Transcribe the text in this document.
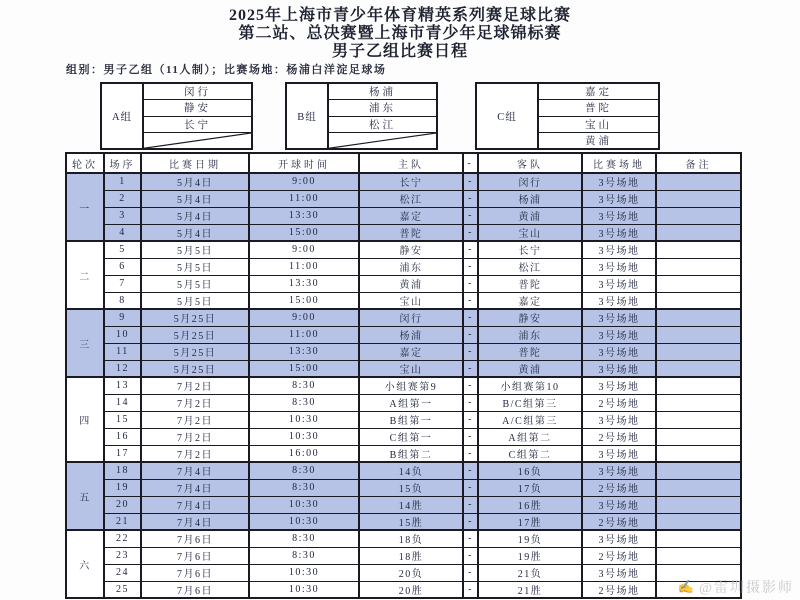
2025年上海市青少年体育精英系列赛足球比赛
第二站、总决赛暨上海市青少年足球锦标赛
男子乙组比赛日程
组别：男子乙组（11人制）；比赛场地：杨浦白洋淀足球场
A组
闵行
静安
长宁
B组
杨浦
浦东
松江
C组
嘉定
普陀
宝山
黄浦
轮次	场序	比赛日期	开球时间	主队	-	客队	比赛场地	备注
一	1	5月4日	9:00	长宁	-	闵行	3号场地	
	2	5月4日	11:00	松江	-	杨浦	3号场地	
	3	5月4日	13:30	嘉定	-	黄浦	3号场地	
	4	5月4日	15:00	普陀	-	宝山	3号场地	
二	5	5月5日	9:00	静安	-	长宁	3号场地	
	6	5月5日	11:00	浦东	-	松江	3号场地	
	7	5月5日	13:30	黄浦	-	普陀	3号场地	
	8	5月5日	15:00	宝山	-	嘉定	3号场地	
三	9	5月25日	9:00	闵行	-	静安	3号场地	
	10	5月25日	11:00	杨浦	-	浦东	3号场地	
	11	5月25日	13:30	嘉定	-	普陀	3号场地	
	12	5月25日	15:00	宝山	-	黄浦	3号场地	
四	13	7月2日	8:30	小组赛第9	-	小组赛第10	3号场地	
	14	7月2日	8:30	A组第一	-	B/C组第三	2号场地	
	15	7月2日	10:30	B组第一	-	A/C组第三	3号场地	
	16	7月2日	10:30	C组第一	-	A组第二	2号场地	
	17	7月2日	16:00	B组第二	-	C组第二	3号场地	
五	18	7月4日	8:30	14负	-	16负	3号场地	
	19	7月4日	8:30	15负	-	17负	2号场地	
	20	7月4日	10:30	14胜	-	16胜	3号场地	
	21	7月4日	10:30	15胜	-	17胜	2号场地	
六	22	7月6日	8:30	18负	-	19负	3号场地	
	23	7月6日	8:30	18胜	-	19胜	2号场地	
	24	7月6日	10:30	20负	-	21负	3号场地	
	25	7月6日	10:30	20胜	-	21胜	2号场地		✍ @雷圳摄影师
